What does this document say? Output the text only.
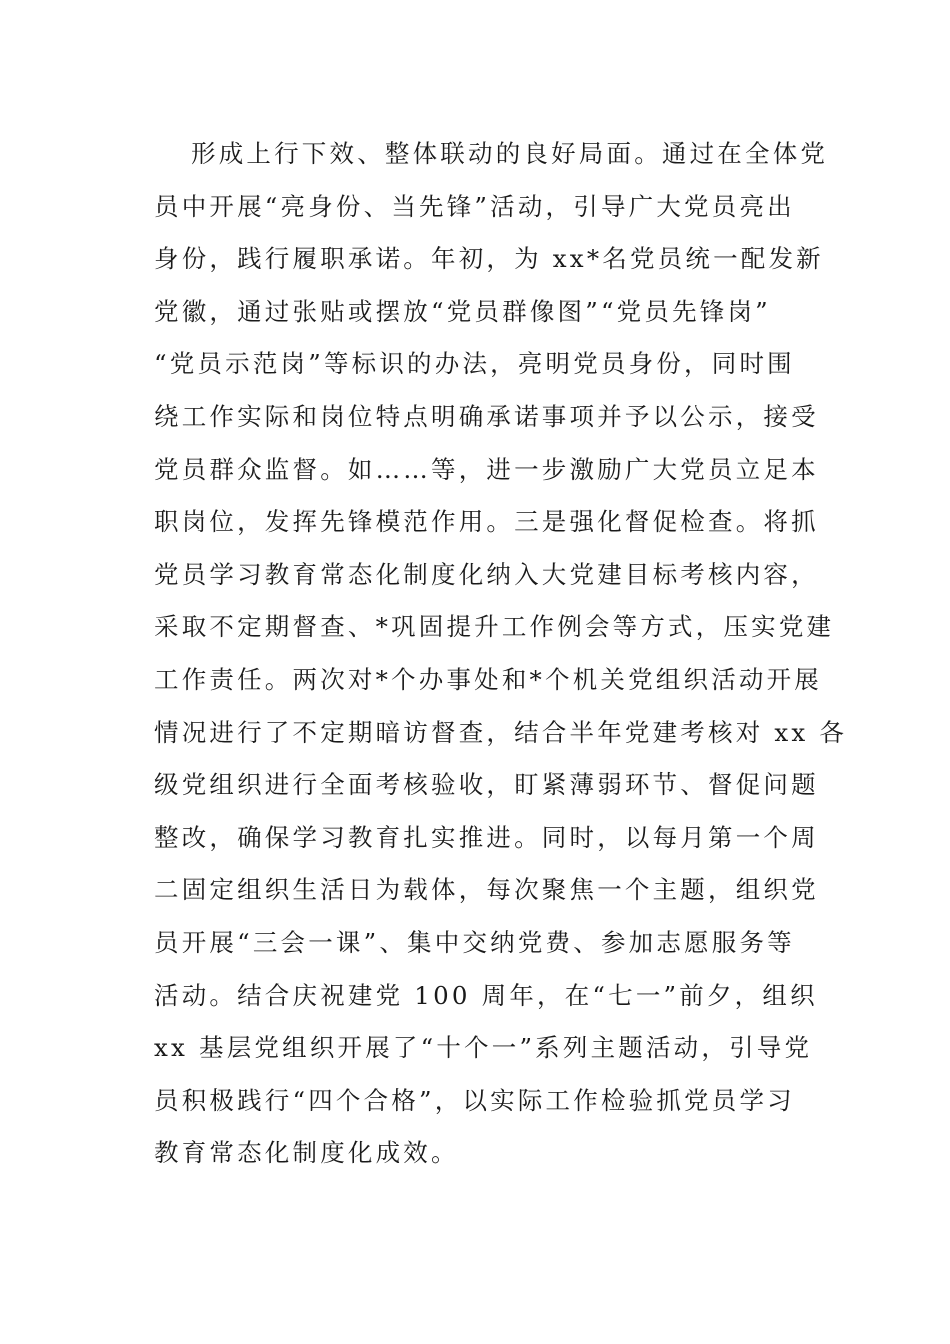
形成上行下效、整体联动的良好局面。通过在全体党
员中开展“亮身份、当先锋”活动，引导广大党员亮出
身份，践行履职承诺。年初，为 xx*名党员统一配发新
党徽，通过张贴或摆放“党员群像图”“党员先锋岗”
“党员示范岗”等标识的办法，亮明党员身份，同时围
绕工作实际和岗位特点明确承诺事项并予以公示，接受
党员群众监督。如……等，进一步激励广大党员立足本
职岗位，发挥先锋模范作用。三是强化督促检查。将抓
党员学习教育常态化制度化纳入大党建目标考核内容，
采取不定期督查、*巩固提升工作例会等方式，压实党建
工作责任。两次对*个办事处和*个机关党组织活动开展
情况进行了不定期暗访督查，结合半年党建考核对 xx 各
级党组织进行全面考核验收，盯紧薄弱环节、督促问题
整改，确保学习教育扎实推进。同时，以每月第一个周
二固定组织生活日为载体，每次聚焦一个主题，组织党
员开展“三会一课”、集中交纳党费、参加志愿服务等
活动。结合庆祝建党 100 周年，在“七一”前夕，组织
xx 基层党组织开展了“十个一”系列主题活动，引导党
员积极践行“四个合格”，以实际工作检验抓党员学习
教育常态化制度化成效。
